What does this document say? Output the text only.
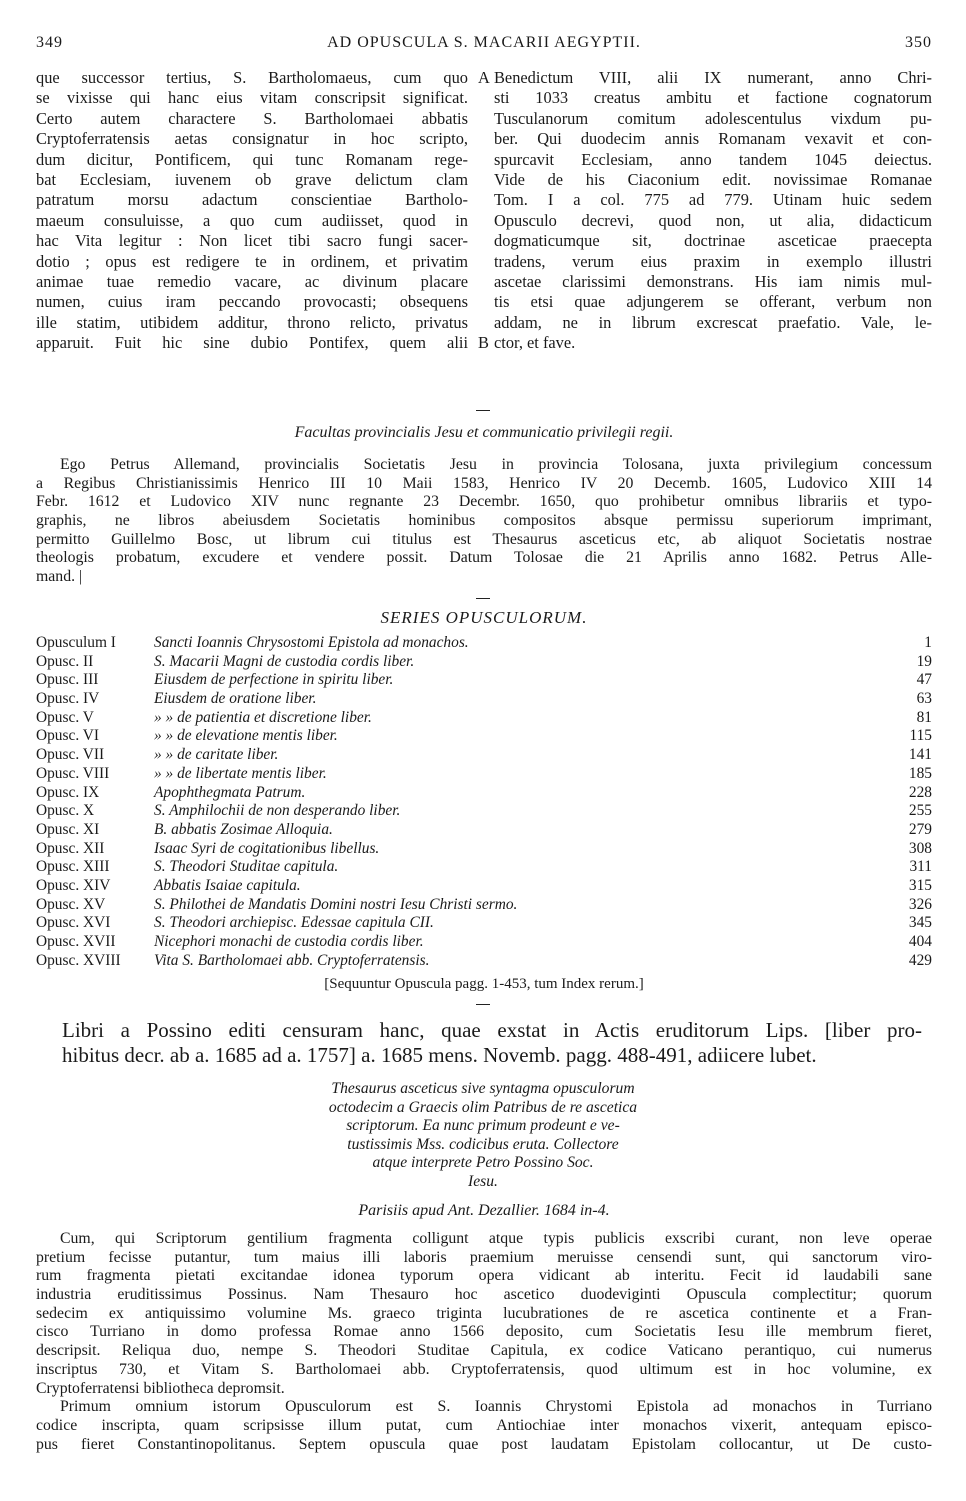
349	AD OPUSCULA S. MACARII AEGYPTII.	350
que successor tertius, S. Bartholomaeus, cum quo
se vixisse qui hanc eius vitam conscripsit significat.
Certo autem charactere S. Bartholomaei abbatis
Cryptoferratensis aetas consignatur in hoc scripto,
dum dicitur, Pontificem, qui tunc Romanam rege-
bat Ecclesiam, iuvenem ob grave delictum clam
patratum morsu adactum conscientiae Bartholo-
maeum consuluisse, a quo cum audiisset, quod in
hac Vita legitur : Non licet tibi sacro fungi sacer-
dotio ; opus est redigere te in ordinem, et privatim
animae tuae remedio vacare, ac divinum placare
numen, cuius iram peccando provocasti; obsequens
ille statim, utibidem additur, throno relicto, privatus
apparuit. Fuit hic sine dubio Pontifex, quem alii
A
B
Benedictum VIII, alii IX numerant, anno Chri-
sti 1033 creatus ambitu et factione cognatorum
Tusculanorum comitum adolescentulus vixdum pu-
ber. Qui duodecim annis Romanam vexavit et con-
spurcavit Ecclesiam, anno tandem 1045 deiectus.
Vide de his Ciaconium edit. novissimae Romanae
Tom. I a col. 775 ad 779. Utinam huic sedem
Opusculo decrevi, quod non, ut alia, didacticum
dogmaticumque sit, doctrinae asceticae praecepta
tradens, verum eius praxim in exemplo illustri
ascetae clarissimi demonstrans. His iam nimis mul-
tis etsi quae adjungerem se offerant, verbum non
addam, ne in librum excrescat praefatio. Vale, le-
ctor, et fave.
Facultas provincialis Jesu et communicatio privilegii regii.
Ego Petrus Allemand, provincialis Societatis Jesu in provincia Tolosana, juxta privilegium concessum
a Regibus Christianissimis Henrico III 10 Maii 1583, Henrico IV 20 Decemb. 1605, Ludovico XIII 14
Febr. 1612 et Ludovico XIV nunc regnante 23 Decembr. 1650, quo prohibetur omnibus librariis et typo-
graphis, ne libros abeiusdem Societatis hominibus compositos absque permissu superiorum imprimant,
permitto Guillelmo Bosc, ut librum cui titulus est Thesaurus asceticus etc, ab aliquot Societatis nostrae
theologis probatum, excudere et vendere possit. Datum Tolosae die 21 Aprilis anno 1682. Petrus Alle-
mand. |
SERIES OPUSCULORUM.
Opusculum I Sancti Ioannis Chrysostomi Epistola ad monachos.	1
Opusc. II	S. Macarii Magni de custodia cordis liber.	19
Opusc. III	Eiusdem de perfectione in spiritu liber.	47
Opusc. IV	Eiusdem de oratione liber.	63
Opusc. V	» » de patientia et discretione liber.	81
Opusc. VI	» » de elevatione mentis liber.	115
Opusc. VII	» » de caritate liber.	141
Opusc. VIII	» » de libertate mentis liber.	185
Opusc. IX	Apophthegmata Patrum.	228
Opusc. X	S. Amphilochii de non desperando liber.	255
Opusc. XI	B. abbatis Zosimae Alloquia.	279
Opusc. XII	Isaac Syri de cogitationibus libellus.	308
Opusc. XIII	S. Theodori Studitae capitula.	311
Opusc. XIV	Abbatis Isaiae capitula.	315
Opusc. XV	S. Philothei de Mandatis Domini nostri Iesu Christi sermo.	326
Opusc. XVI	S. Theodori archiepisc. Edessae capitula CII.	345
Opusc. XVII Nicephori monachi de custodia cordis liber.	404
Opusc. XVIII Vita S. Bartholomaei abb. Cryptoferratensis.	429
[Sequuntur Opuscula pagg. 1-453, tum Index rerum.]
Libri a Possino editi censuram hanc, quae exstat in Actis eruditorum Lips. [liber pro-
hibitus decr. ab a. 1685 ad a. 1757] a. 1685 mens. Novemb. pagg. 488-491, adiicere lubet.
Thesaurus asceticus sive syntagma opusculorum
octodecim a Graecis olim Patribus de re ascetica
scriptorum. Ea nunc primum prodeunt e ve-
tustissimis Mss. codicibus eruta. Collectore
atque interprete Petro Possino Soc.
Iesu.
Parisiis apud Ant. Dezallier. 1684 in-4.
Cum, qui Scriptorum gentilium fragmenta colligunt atque typis publicis exscribi curant, non leve operae
pretium fecisse putantur, tum maius illi laboris praemium meruisse censendi sunt, qui sanctorum viro-
rum fragmenta pietati excitandae idonea typorum opera vidicant ab interitu. Fecit id laudabili sane
industria eruditissimus Possinus. Nam Thesauro hoc ascetico duodeviginti Opuscula complectitur; quorum
sedecim ex antiquissimo volumine Ms. graeco triginta lucubrationes de re ascetica continente et a Fran-
cisco Turriano in domo professa Romae anno 1566 deposito, cum Societatis Iesu ille membrum fieret,
descripsit. Reliqua duo, nempe S. Theodori Studitae Capitula, ex codice Vaticano perantiquo, cui numerus
inscriptus 730, et Vitam S. Bartholomaei abb. Cryptoferratensis, quod ultimum est in hoc volumine, ex
Cryptoferratensi bibliotheca depromsit.
Primum omnium istorum Opusculorum est S. Ioannis Chrystomi Epistola ad monachos in Turriano
codice inscripta, quam scripsisse illum putat, cum Antiochiae inter monachos vixerit, antequam episco-
pus fieret Constantinopolitanus. Septem opuscula quae post laudatam Epistolam collocantur, ut De custo-
